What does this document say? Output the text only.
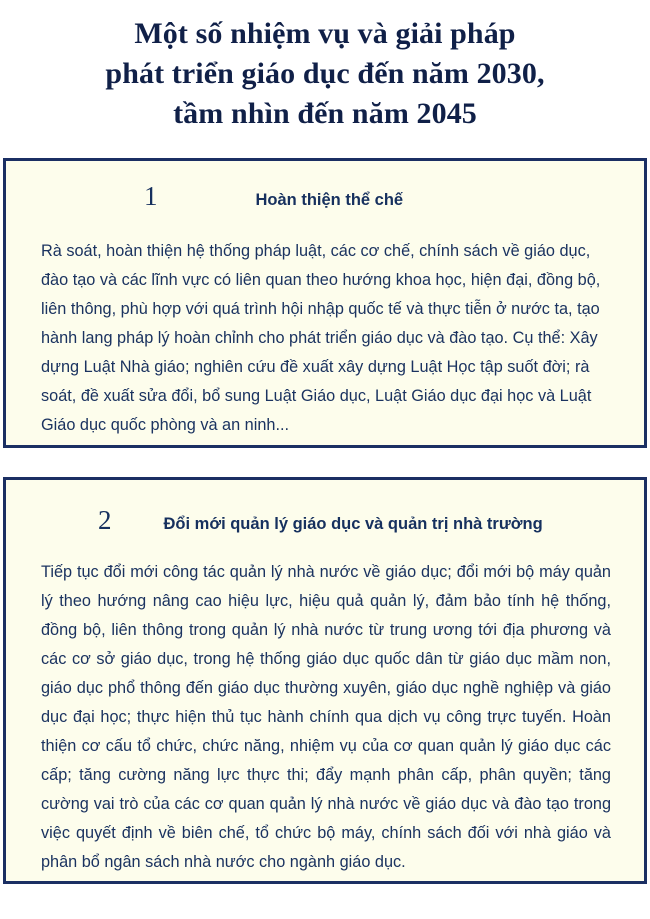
Một số nhiệm vụ và giải pháp
phát triển giáo dục đến năm 2030,
tầm nhìn đến năm 2045
1	Hoàn thiện thể chế
Rà soát, hoàn thiện hệ thống pháp luật, các cơ chế, chính sách về giáo dục, đào tạo và các lĩnh vực có liên quan theo hướng khoa học, hiện đại, đồng bộ, liên thông, phù hợp với quá trình hội nhập quốc tế và thực tiễn ở nước ta, tạo hành lang pháp lý hoàn chỉnh cho phát triển giáo dục và đào tạo. Cụ thể: Xây dựng Luật Nhà giáo; nghiên cứu đề xuất xây dựng Luật Học tập suốt đời; rà soát, đề xuất sửa đổi, bổ sung Luật Giáo dục, Luật Giáo dục đại học và Luật Giáo dục quốc phòng và an ninh...
2	Đổi mới quản lý giáo dục và quản trị nhà trường
Tiếp tục đổi mới công tác quản lý nhà nước về giáo dục; đổi mới bộ máy quản lý theo hướng nâng cao hiệu lực, hiệu quả quản lý, đảm bảo tính hệ thống, đồng bộ, liên thông trong quản lý nhà nước từ trung ương tới địa phương và các cơ sở giáo dục, trong hệ thống giáo dục quốc dân từ giáo dục mầm non, giáo dục phổ thông đến giáo dục thường xuyên, giáo dục nghề nghiệp và giáo dục đại học; thực hiện thủ tục hành chính qua dịch vụ công trực tuyến. Hoàn thiện cơ cấu tổ chức, chức năng, nhiệm vụ của cơ quan quản lý giáo dục các cấp; tăng cường năng lực thực thi; đẩy mạnh phân cấp, phân quyền; tăng cường vai trò của các cơ quan quản lý nhà nước về giáo dục và đào tạo trong việc quyết định về biên chế, tổ chức bộ máy, chính sách đối với nhà giáo và phân bổ ngân sách nhà nước cho ngành giáo dục.
